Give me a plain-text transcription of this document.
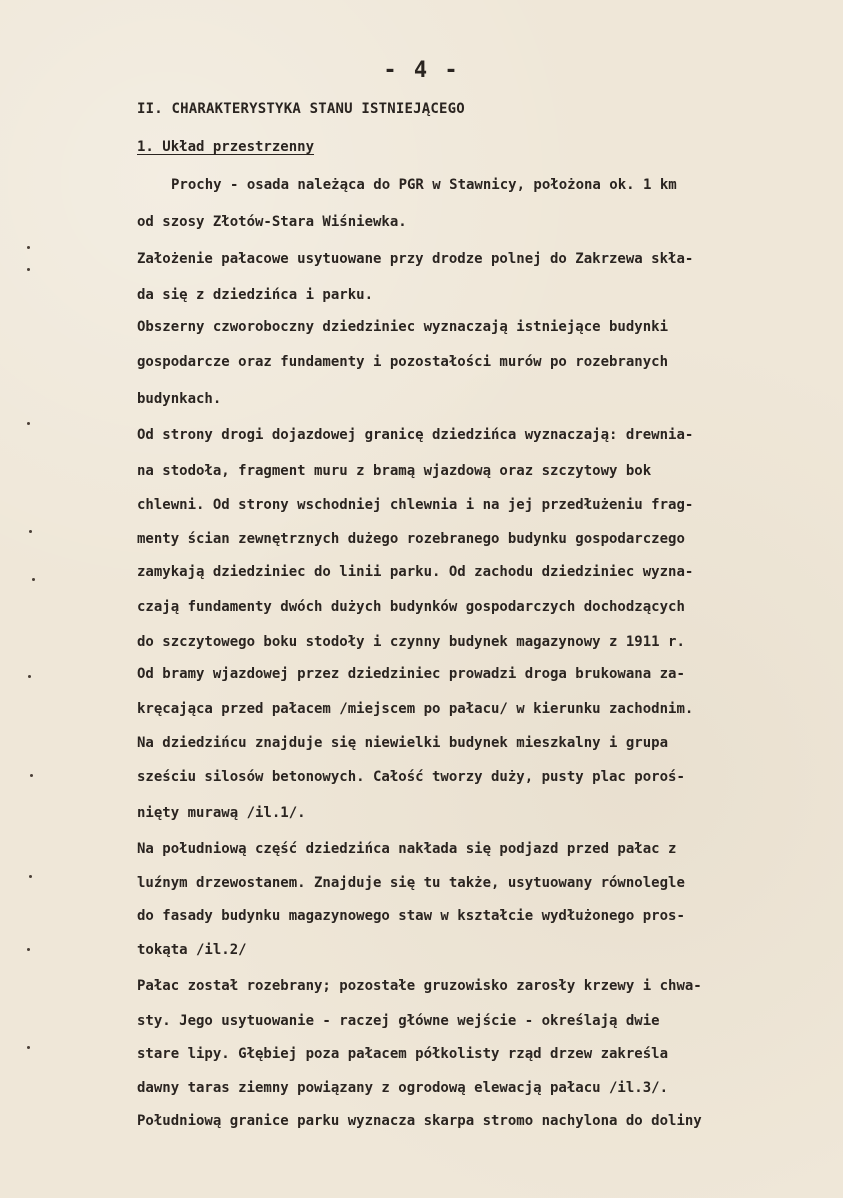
- 4 -
II. CHARAKTERYSTYKA STANU ISTNIEJĄCEGO
1. Układ przestrzenny
Prochy - osada należąca do PGR w Stawnicy, położona ok. 1 km
od szosy Złotów-Stara Wiśniewka.
Założenie pałacowe usytuowane przy drodze polnej do Zakrzewa skła-
da się z dziedzińca i parku.
Obszerny czworoboczny dziedziniec wyznaczają istniejące budynki
gospodarcze oraz fundamenty i pozostałości murów po rozebranych
budynkach.
Od strony drogi dojazdowej granicę dziedzińca wyznaczają: drewnia-
na stodoła, fragment muru z bramą wjazdową oraz szczytowy bok
chlewni. Od strony wschodniej chlewnia i na jej przedłużeniu frag-
menty ścian zewnętrznych dużego rozebranego budynku gospodarczego
zamykają dziedziniec do linii parku. Od zachodu dziedziniec wyzna-
czają fundamenty dwóch dużych budynków gospodarczych dochodzących
do szczytowego boku stodoły i czynny budynek magazynowy z 1911 r.
Od bramy wjazdowej przez dziedziniec prowadzi droga brukowana za-
kręcająca przed pałacem /miejscem po pałacu/ w kierunku zachodnim.
Na dziedzińcu znajduje się niewielki budynek mieszkalny i grupa
sześciu silosów betonowych. Całość tworzy duży, pusty plac poroś-
nięty murawą /il.1/.
Na południową część dziedzińca nakłada się podjazd przed pałac z
luźnym drzewostanem. Znajduje się tu także, usytuowany równolegle
do fasady budynku magazynowego staw w kształcie wydłużonego pros-
tokąta /il.2/
Pałac został rozebrany; pozostałe gruzowisko zarosły krzewy i chwa-
sty. Jego usytuowanie - raczej główne wejście - określają dwie
stare lipy. Głębiej poza pałacem półkolisty rząd drzew zakreśla
dawny taras ziemny powiązany z ogrodową elewacją pałacu /il.3/.
Południową granice parku wyznacza skarpa stromo nachylona do doliny
